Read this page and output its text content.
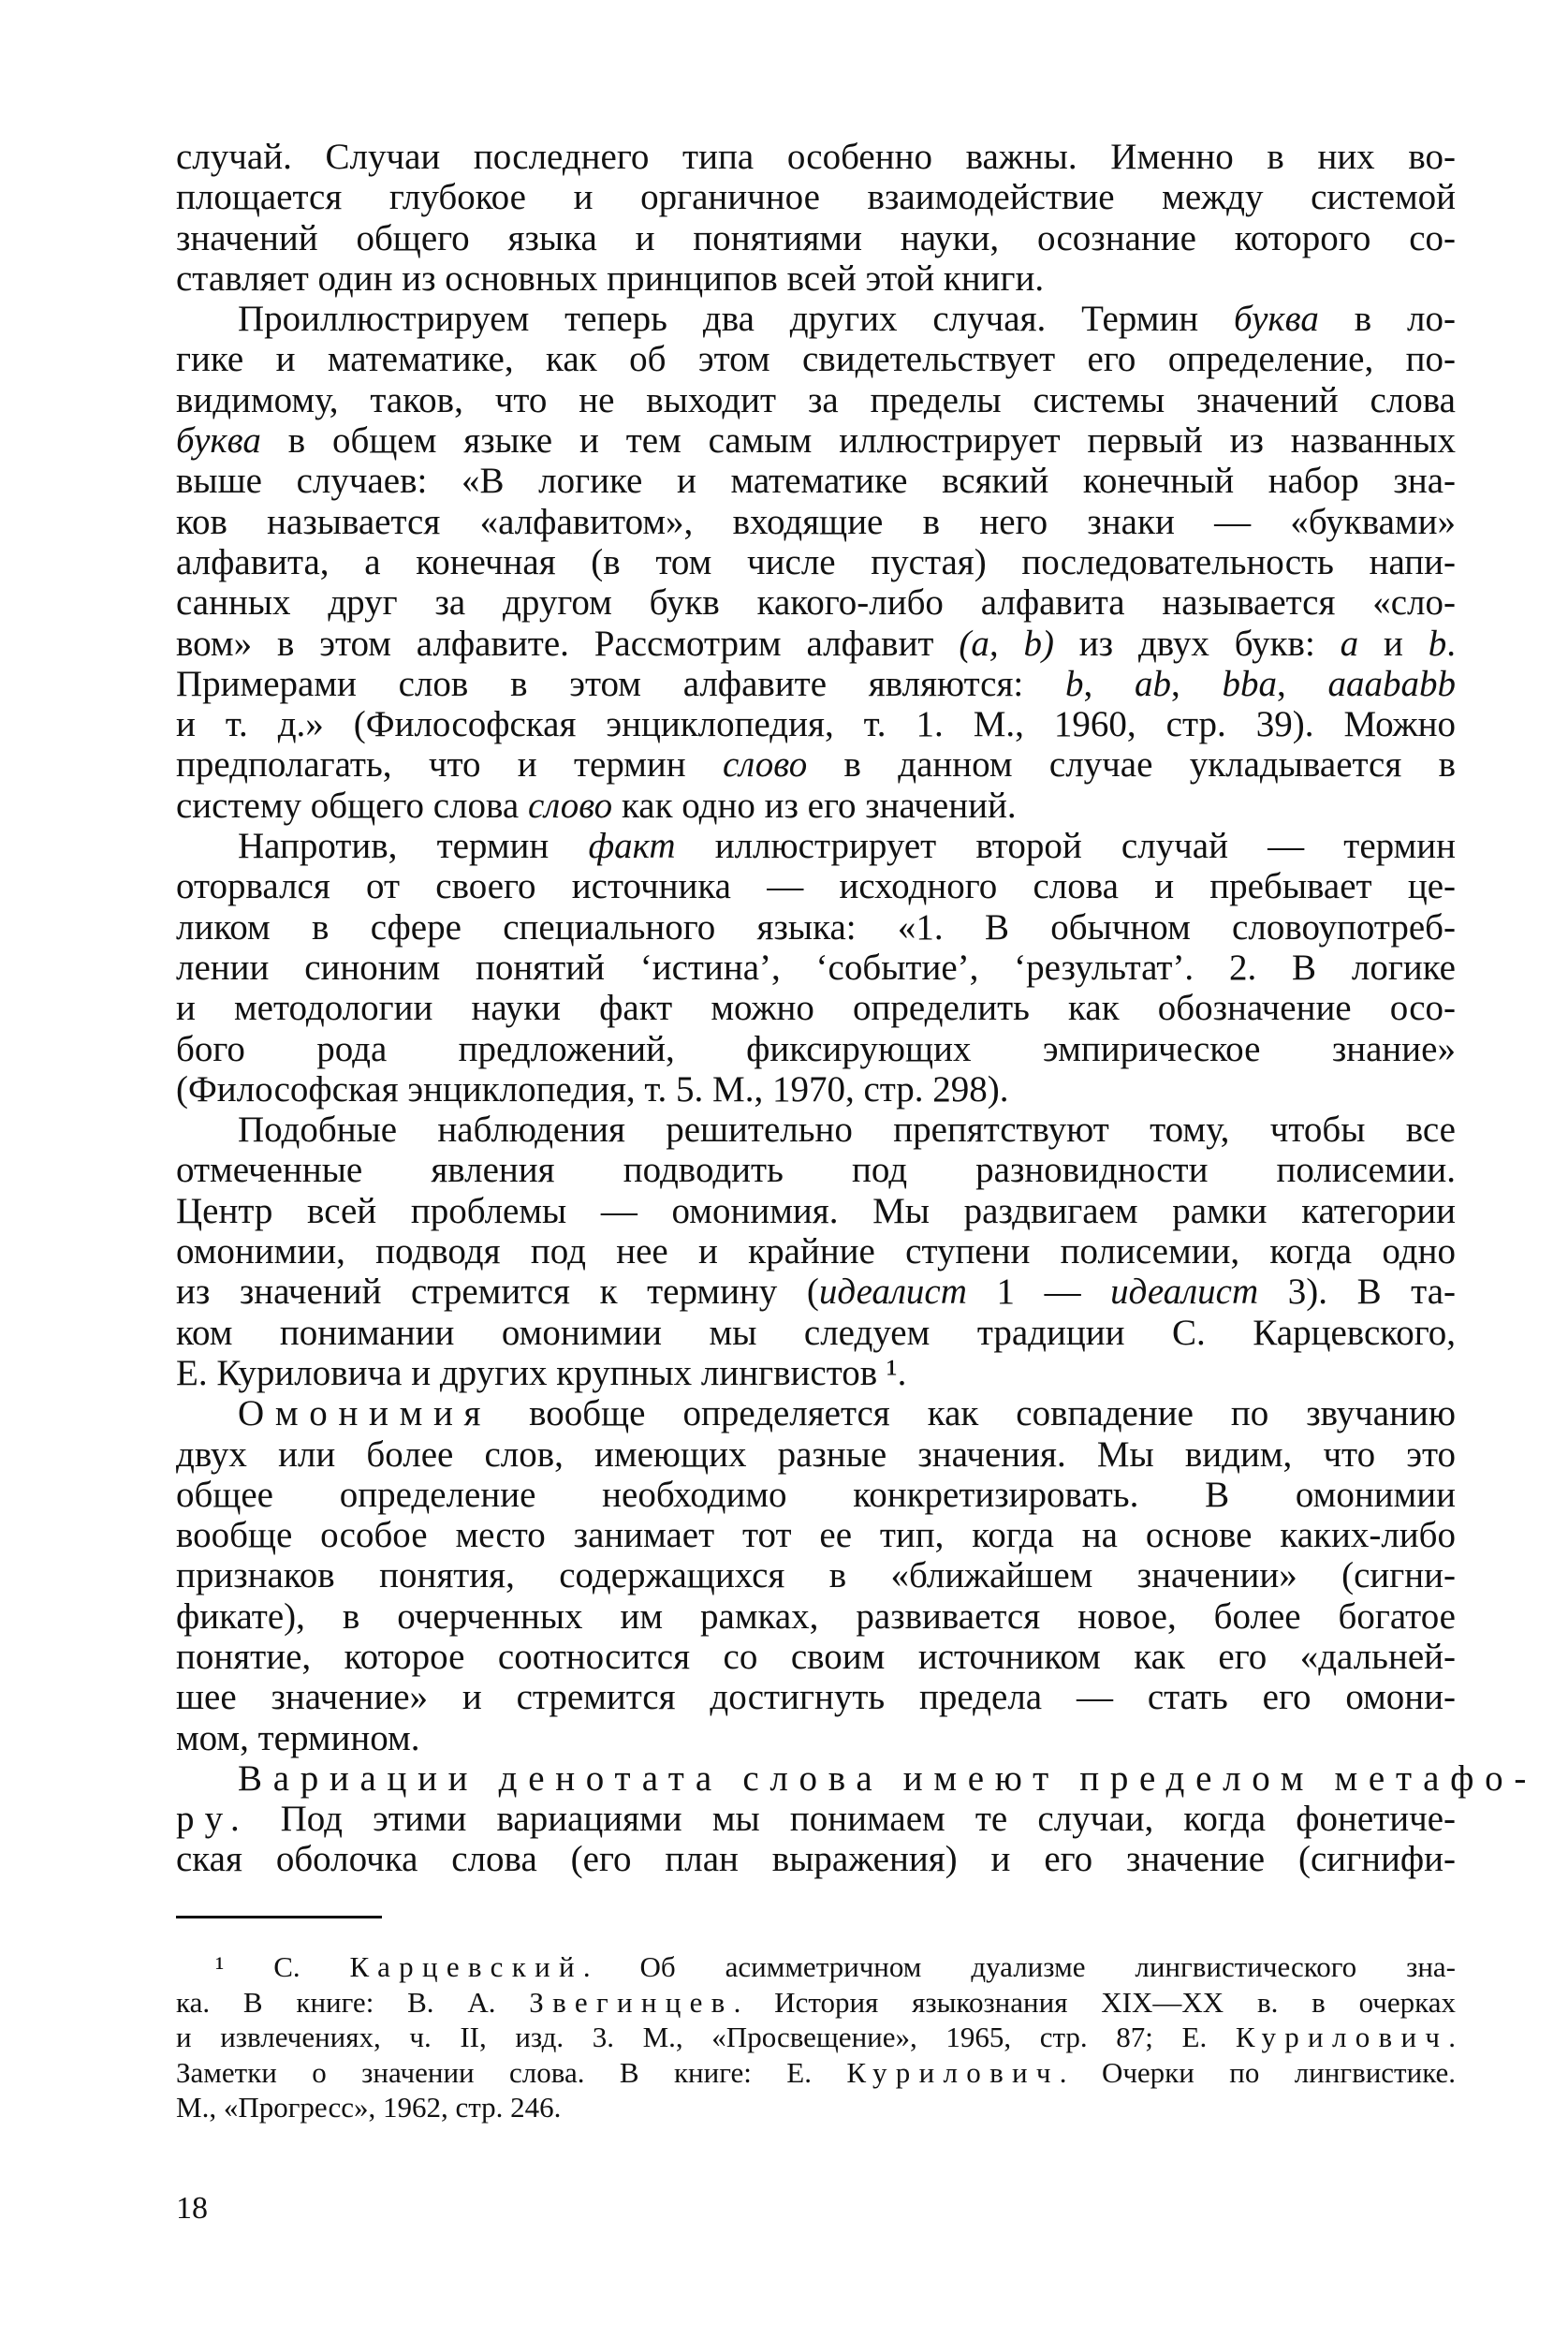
случай. Случаи последнего типа особенно важны. Именно в них во-
площается глубокое и органичное взаимодействие между системой
значений общего языка и понятиями науки, осознание которого со-
ставляет один из основных принципов всей этой книги.
Проиллюстрируем теперь два других случая. Термин буква в ло-
гике и математике, как об этом свидетельствует его определение, по-
видимому, таков, что не выходит за пределы системы значений слова
буква в общем языке и тем самым иллюстрирует первый из названных
выше случаев: «В логике и математике всякий конечный набор зна-
ков называется «алфавитом», входящие в него знаки — «буквами»
алфавита, а конечная (в том числе пустая) последовательность напи-
санных друг за другом букв какого-либо алфавита называется «сло-
вом» в этом алфавите. Рассмотрим алфавит (a, b) из двух букв: a и b.
Примерами слов в этом алфавите являются: b, ab, bba, aaababb
и т. д.» (Философская энциклопедия, т. 1. М., 1960, стр. 39). Можно
предполагать, что и термин слово в данном случае укладывается в
систему общего слова слово как одно из его значений.
Напротив, термин факт иллюстрирует второй случай — термин
оторвался от своего источника — исходного слова и пребывает це-
ликом в сфере специального языка: «1. В обычном словоупотреб-
лении синоним понятий ‘истина’, ‘событие’, ‘результат’. 2. В логике
и методологии науки факт можно определить как обозначение осо-
бого рода предложений, фиксирующих эмпирическое знание»
(Философская энциклопедия, т. 5. М., 1970, стр. 298).
Подобные наблюдения решительно препятствуют тому, чтобы все
отмеченные явления подводить под разновидности полисемии.
Центр всей проблемы — омонимия. Мы раздвигаем рамки категории
омонимии, подводя под нее и крайние ступени полисемии, когда одно
из значений стремится к термину (идеалист 1 — идеалист 3). В та-
ком понимании омонимии мы следуем традиции С. Карцевского,
Е. Куриловича и других крупных лингвистов ¹.
Омонимия вообще определяется как совпадение по звучанию
двух или более слов, имеющих разные значения. Мы видим, что это
общее определение необходимо конкретизировать. В омонимии
вообще особое место занимает тот ее тип, когда на основе каких-либо
признаков понятия, содержащихся в «ближайшем значении» (сигни-
фикате), в очерченных им рамках, развивается новое, более богатое
понятие, которое соотносится со своим источником как его «дальней-
шее значение» и стремится достигнуть предела — стать его омони-
мом, термином.
Вариации денотата слова имеют пределом метафо-
ру. Под этими вариациями мы понимаем те случаи, когда фонетиче-
ская оболочка слова (его план выражения) и его значение (сигнифи-
¹ С. Карцевский. Об асимметричном дуализме лингвистического зна-
ка. В книге: В. А. Звегинцев. История языкознания XIX—XX в. в очерках
и извлечениях, ч. II, изд. 3. М., «Просвещение», 1965, стр. 87; Е. Курилович.
Заметки о значении слова. В книге: Е. Курилович. Очерки по лингвистике.
М., «Прогресс», 1962, стр. 246.
18
